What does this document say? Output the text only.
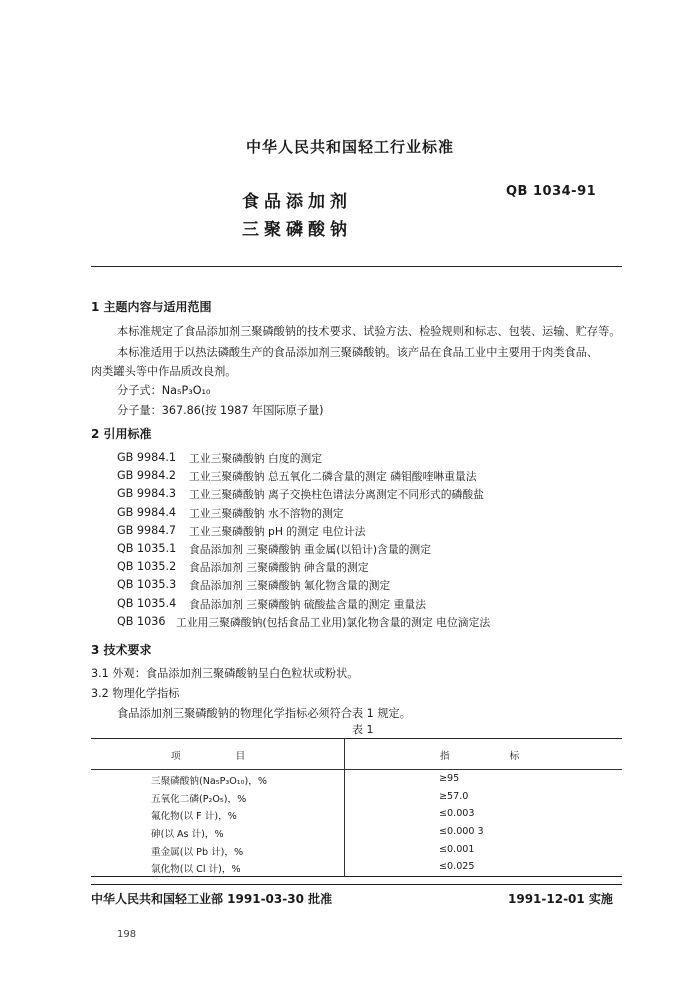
中华人民共和国轻工行业标准
食品添加剂
三聚磷酸钠
QB 1034-91
1 主题内容与适用范围
本标准规定了食品添加剂三聚磷酸钠的技术要求、试验方法、检验规则和标志、包装、运输、贮存等。
本标准适用于以热法磷酸生产的食品添加剂三聚磷酸钠。该产品在食品工业中主要用于肉类食品、
肉类罐头等中作品质改良剂。
分子式：Na₅P₃O₁₀
分子量：367.86(按 1987 年国际原子量)
2 引用标准
GB 9984.1 工业三聚磷酸钠 白度的测定
GB 9984.2 工业三聚磷酸钠 总五氧化二磷含量的测定 磷钼酸喹啉重量法
GB 9984.3 工业三聚磷酸钠 离子交换柱色谱法分离测定不同形式的磷酸盐
GB 9984.4 工业三聚磷酸钠 水不溶物的测定
GB 9984.7 工业三聚磷酸钠 pH 的测定 电位计法
QB 1035.1 食品添加剂 三聚磷酸钠 重金属(以铅计)含量的测定
QB 1035.2 食品添加剂 三聚磷酸钠 砷含量的测定
QB 1035.3 食品添加剂 三聚磷酸钠 氟化物含量的测定
QB 1035.4 食品添加剂 三聚磷酸钠 硫酸盐含量的测定 重量法
QB 1036 工业用三聚磷酸钠(包括食品工业用)氯化物含量的测定 电位滴定法
3 技术要求
3.1 外观：食品添加剂三聚磷酸钠呈白色粒状或粉状。
3.2 物理化学指标
食品添加剂三聚磷酸钠的物理化学指标必须符合表 1 规定。
表 1
项目	指标
三聚磷酸钠(Na₅P₃O₁₀)，%	≥95
五氧化二磷(P₂O₅)，%	≥57.0
氟化物(以 F 计)，%	≤0.003
砷(以 As 计)，%	≤0.000 3
重金属(以 Pb 计)，%	≤0.001
氯化物(以 Cl 计)，%	≤0.025
中华人民共和国轻工业部 1991-03-30 批准	1991-12-01 实施
198
